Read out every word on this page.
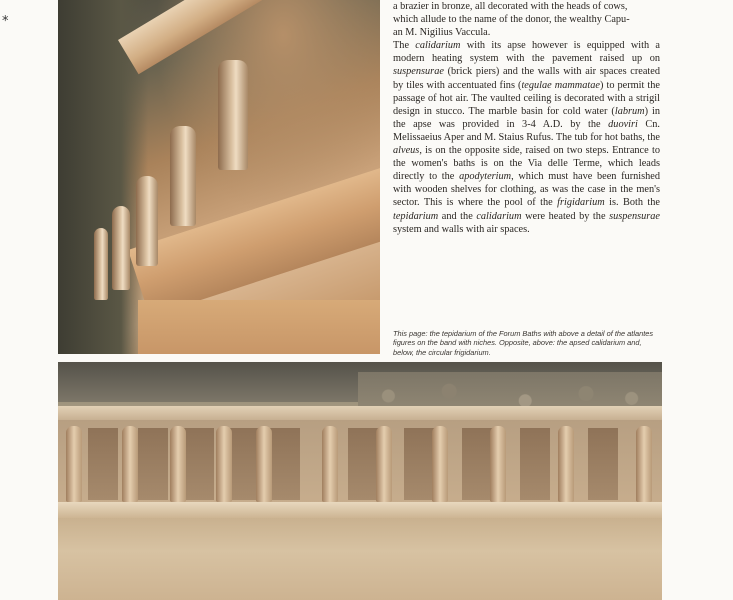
*

a brazier in bronze, all decorated with the heads of cows,
which allude to the name of the donor, the wealthy Capu-
an M. Nigilius Vaccula.

The calidarium with its apse however is equipped with a modern heating system with the pavement raised up on suspensurae (brick piers) and the walls with air spaces created by tiles with accentuated fins (tegulae mammatae) to permit the passage of hot air. The vaulted ceiling is decorated with a strigil design in stucco. The marble basin for cold water (labrum) in the apse was provided in 3-4 A.D. by the duoviri Cn. Melissaeius Aper and M. Staius Rufus. The tub for hot baths, the alveus, is on the opposite side, raised on two steps. Entrance to the women's baths is on the Via delle Terme, which leads directly to the apodyterium, which must have been furnished with wooden shelves for clothing, as was the case in the men's sector. This is where the pool of the frigidarium is. Both the tepidarium and the calidarium were heated by the suspensurae system and walls with air spaces.

This page: the tepidarium of the Forum Baths with above a detail of the atlantes figures on the band with niches. Opposite, above: the apsed calidarium and, below, the circular frigidarium.
